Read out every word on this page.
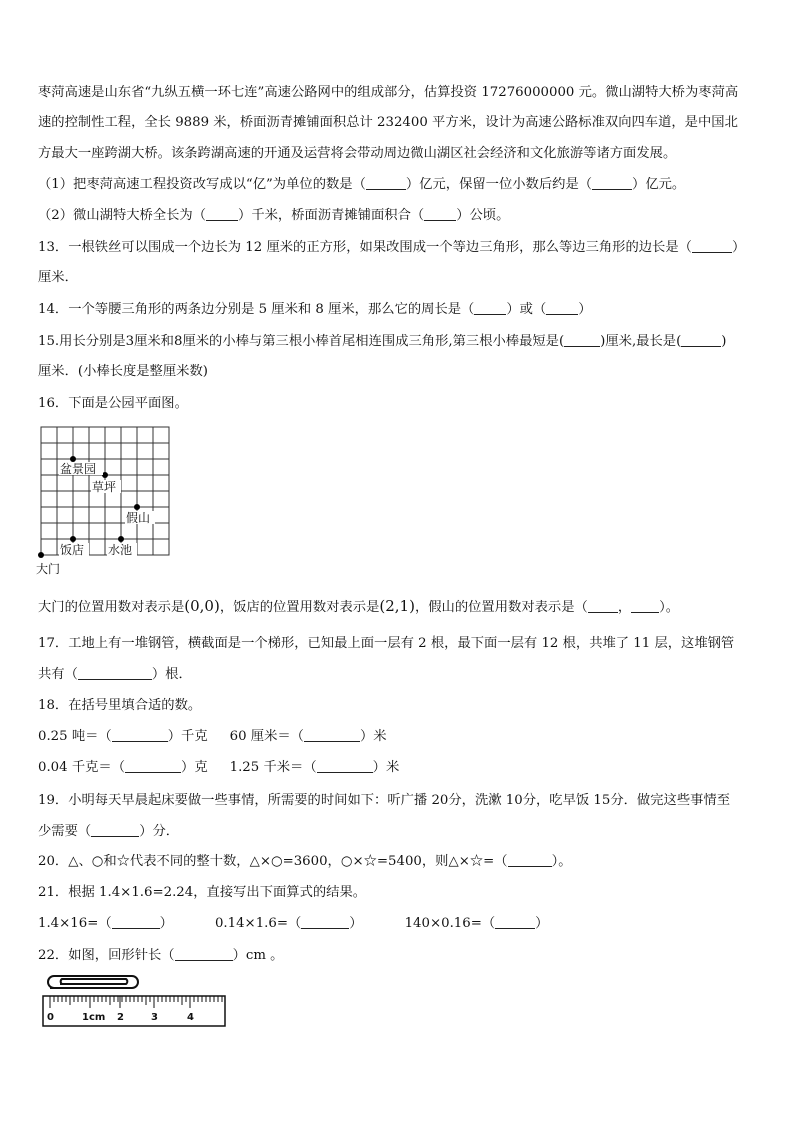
枣菏高速是山东省“九纵五横一环七连”高速公路网中的组成部分，估算投资 17276000000 元。微山湖特大桥为枣菏高
速的控制性工程，全长 9889 米，桥面沥青摊铺面积总计 232400 平方米，设计为高速公路标准双向四车道，是中国北
方最大一座跨湖大桥。该条跨湖高速的开通及运营将会带动周边微山湖区社会经济和文化旅游等诸方面发展。
（1）把枣菏高速工程投资改写成以“亿”为单位的数是（	）亿元，保留一位小数后约是（	）亿元。
（2）微山湖特大桥全长为（ ）千米，桥面沥青摊铺面积合（ ）公顷。
13．一根铁丝可以围成一个边长为 12 厘米的正方形，如果改围成一个等边三角形，那么等边三角形的边长是（	）
厘米．
14．一个等腰三角形的两条边分别是 5 厘米和 8 厘米，那么它的周长是（ ）或（ ）
15.用长分别是3厘米和8厘米的小棒与第三根小棒首尾相连围成三角形,第三根小棒最短是(	)厘米,最长是(	)
厘米．(小棒长度是整厘米数)
16．下面是公园平面图。
盆景园
草坪
假山
饭店 水池
大门
大门的位置用数对表示是(0,0)，饭店的位置用数对表示是(2,1)，假山的位置用数对表示是（ ， ）。
17．工地上有一堆钢管，横截面是一个梯形，已知最上面一层有 2 根，最下面一层有 12 根，共堆了 11 层，这堆钢管
共有（	）根．
18．在括号里填合适的数。
0.25 吨＝（	）千克 60 厘米＝（	）米
0.04 千克＝（	）克 1.25 千米＝（	）米
19．小明每天早晨起床要做一些事情，所需要的时间如下：听广播 20分，洗漱 10分，吃早饭 15分．做完这些事情至
少需要（	）分．
20．△、○和☆代表不同的整十数，△×○=3600，○×☆=5400，则△×☆=（	）。
21．根据 1.4×1.6=2.24，直接写出下面算式的结果。
1.4×16=（	）	0.14×1.6=（	）	140×0.16=（	）
22．如图，回形针长（	）cm 。
0	1cm 2	3	4
